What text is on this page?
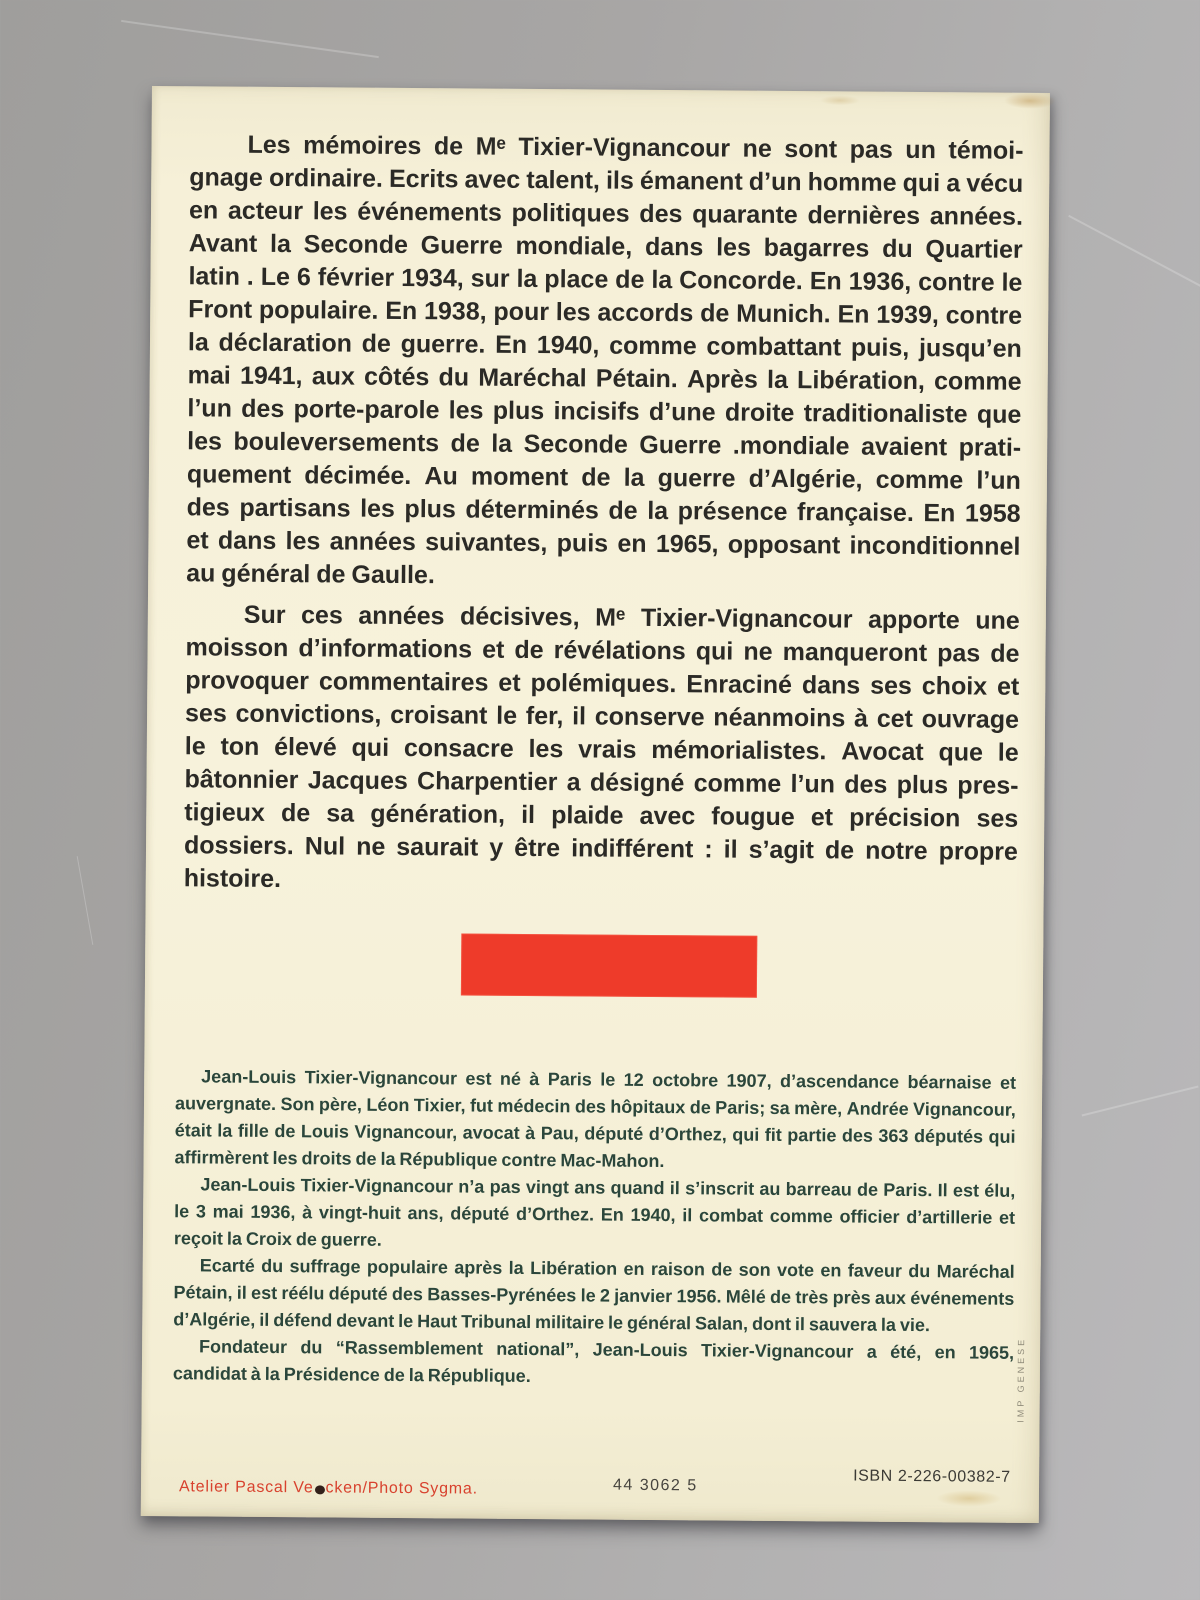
Les mémoires de Mᵉ Tixier-Vignancour ne sont pas un témoi-
gnage ordinaire. Ecrits avec talent, ils émanent d’un homme qui a vécu
en acteur les événements politiques des quarante dernières années.
Avant la Seconde Guerre mondiale, dans les bagarres du Quartier
latin . Le 6 février 1934, sur la place de la Concorde. En 1936, contre le
Front populaire. En 1938, pour les accords de Munich. En 1939, contre
la déclaration de guerre. En 1940, comme combattant puis, jusqu’en
mai 1941, aux côtés du Maréchal Pétain. Après la Libération, comme
l’un des porte-parole les plus incisifs d’une droite traditionaliste que
les bouleversements de la Seconde Guerre .mondiale avaient prati-
quement décimée. Au moment de la guerre d’Algérie, comme l’un
des partisans les plus déterminés de la présence française. En 1958
et dans les années suivantes, puis en 1965, opposant inconditionnel
au général de Gaulle.
Sur ces années décisives, Mᵉ Tixier-Vignancour apporte une
moisson d’informations et de révélations qui ne manqueront pas de
provoquer commentaires et polémiques. Enraciné dans ses choix et
ses convictions, croisant le fer, il conserve néanmoins à cet ouvrage
le ton élevé qui consacre les vrais mémorialistes. Avocat que le
bâtonnier Jacques Charpentier a désigné comme l’un des plus pres-
tigieux de sa génération, il plaide avec fougue et précision ses
dossiers. Nul ne saurait y être indifférent : il s’agit de notre propre
histoire.
Jean-Louis Tixier-Vignancour est né à Paris le 12 octobre 1907, d’ascendance béarnaise et
auvergnate. Son père, Léon Tixier, fut médecin des hôpitaux de Paris; sa mère, Andrée Vignancour,
était la fille de Louis Vignancour, avocat à Pau, député d’Orthez, qui fit partie des 363 députés qui
affirmèrent les droits de la République contre Mac-Mahon.
Jean-Louis Tixier-Vignancour n’a pas vingt ans quand il s’inscrit au barreau de Paris. Il est élu,
le 3 mai 1936, à vingt-huit ans, député d’Orthez. En 1940, il combat comme officier d’artillerie et
reçoit la Croix de guerre.
Ecarté du suffrage populaire après la Libération en raison de son vote en faveur du Maréchal
Pétain, il est réélu député des Basses-Pyrénées le 2 janvier 1956. Mêlé de très près aux événements
d’Algérie, il défend devant le Haut Tribunal militaire le général Salan, dont il sauvera la vie.
Fondateur du “Rassemblement national”, Jean-Louis Tixier-Vignancour a été, en 1965,
candidat à la Présidence de la République.
Atelier Pascal Ve cken/Photo Sygma.	44 3062 5	ISBN 2-226-00382-7
IMP GENESE
